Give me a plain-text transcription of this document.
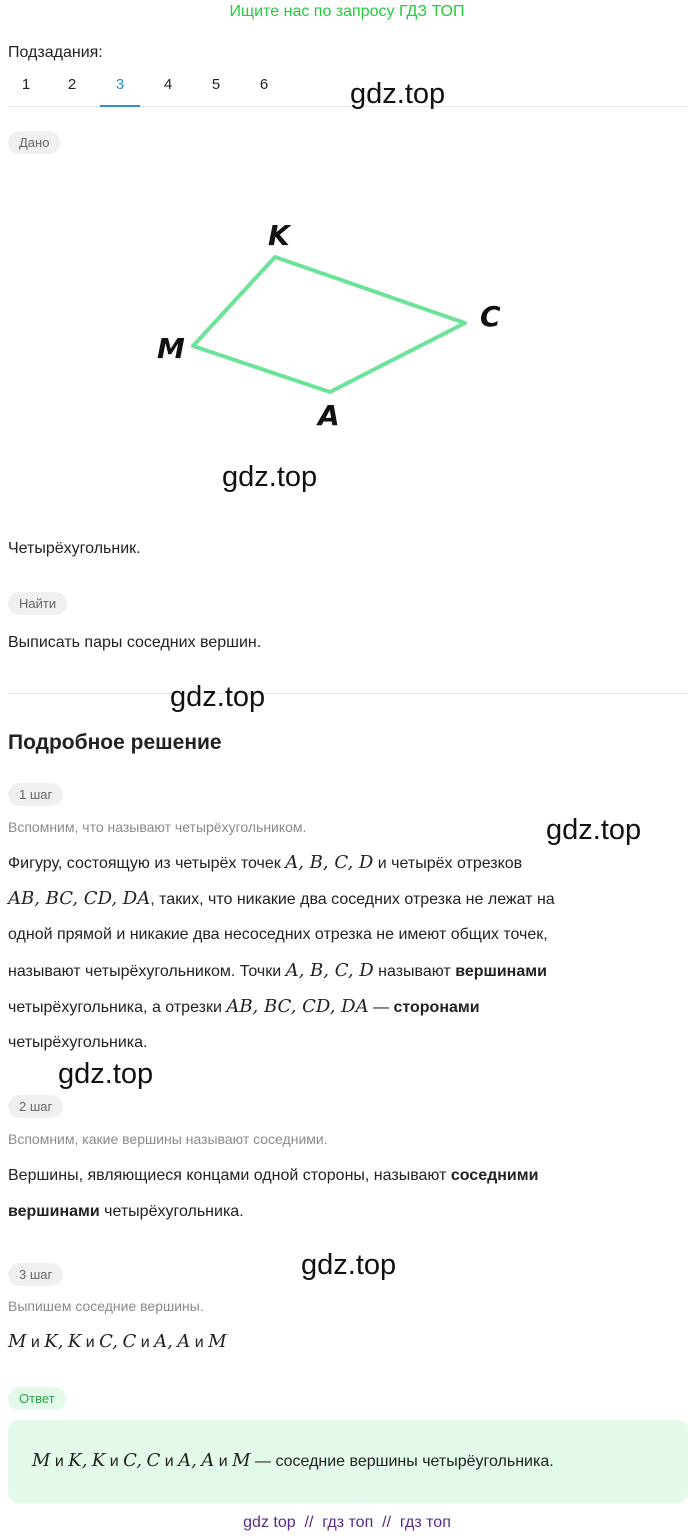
Ищите нас по запросу ГДЗ ТОП
Подзадания:
1	2	3	4	5	6	gdz.top
Дано
K
C
A
M
gdz.top
Четырёхугольник.
Найти
Выписать пары соседних вершин.
gdz.top
Подробное решение
1 шаг
Вспомним, что называют четырёхугольником.	gdz.top
Фигуру, состоящую из четырёх точек A, B, C, D и четырёх отрезков
AB, BC, CD, DA, таких, что никакие два соседних отрезка не лежат на
одной прямой и никакие два несоседних отрезка не имеют общих точек,
называют четырёхугольником. Точки A, B, C, D называют вершинами
четырёхугольника, а отрезки AB, BC, CD, DA — сторонами
четырёхугольника.
gdz.top
2 шаг
Вспомним, какие вершины называют соседними.
Вершины, являющиеся концами одной стороны, называют соседними
вершинами четырёхугольника.
gdz.top
3 шаг
Выпишем соседние вершины.
M и K, K и C, C и A, A и M
Ответ
M и K, K и C, C и A, A и M — соседние вершины четырёугольника.
gdz top  //  гдз топ  //  гдз топ
